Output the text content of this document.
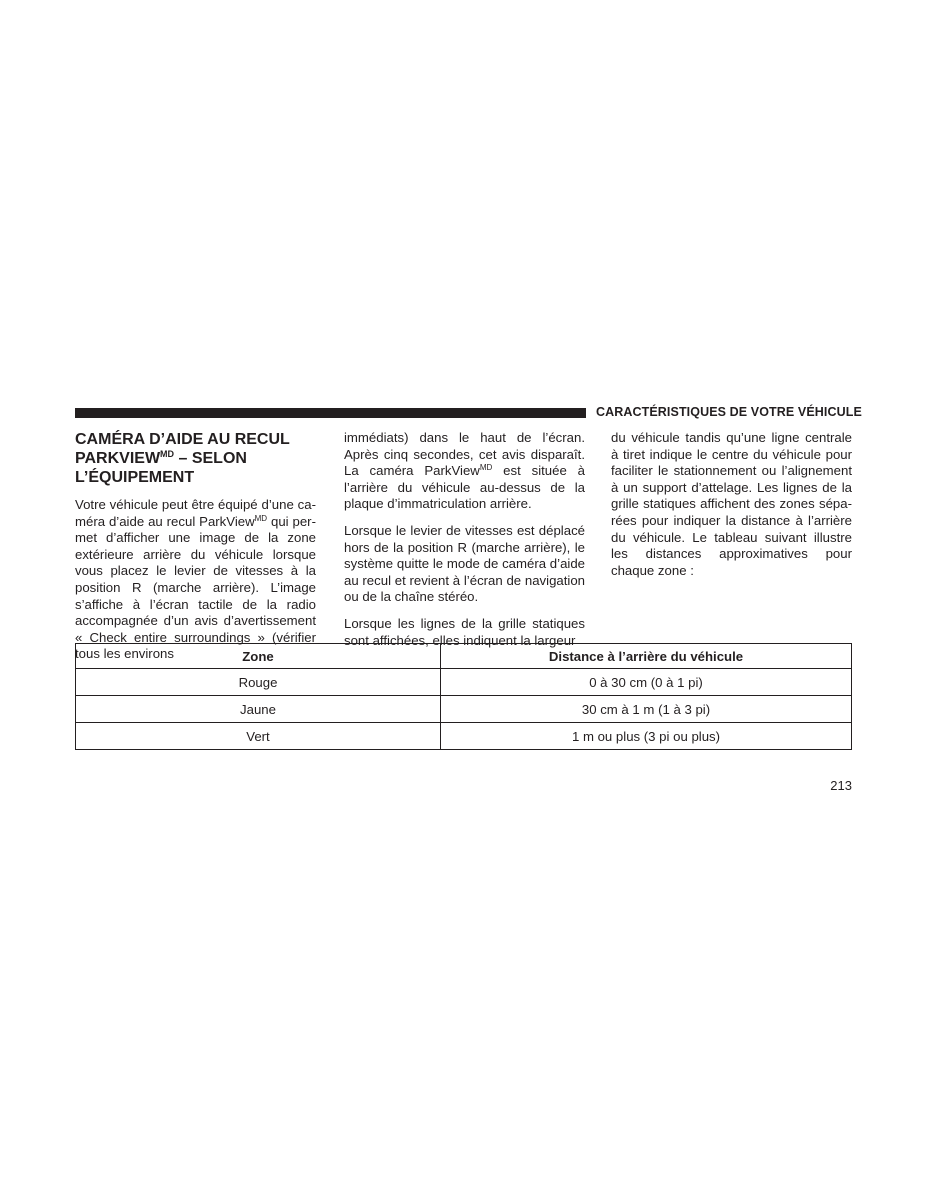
CARACTÉRISTIQUES DE VOTRE VÉHICULE
CAMÉRA D’AIDE AU RECUL
$PARKVIEW^{MD}$ – SELON
L’ÉQUIPEMENT

Votre véhicule peut être équipé d’une caméra d’aide au recul ParkView$^{MD}$ qui permet d’afficher une image de la zone extérieure arrière du véhicule lorsque vous placez le levier de vitesses à la position R (marche arrière). L’image s’affiche à l’écran tactile de la radio accompagnée d’un avis d’avertissement « Check entire surroundings » (vérifier tous les environs

immédiats) dans le haut de l’écran. Après cinq secondes, cet avis disparaît. La caméra ParkView$^{MD}$ est située à l’arrière du véhicule au-dessus de la plaque d’immatriculation arrière.

Lorsque le levier de vitesses est déplacé hors de la position R (marche arrière), le système quitte le mode de caméra d’aide au recul et revient à l’écran de navigation ou de la chaîne stéréo.

Lorsque les lignes de la grille statiques sont affichées, elles indiquent la largeur

du véhicule tandis qu’une ligne centrale à tiret indique le centre du véhicule pour faciliter le stationnement ou l’alignement à un support d’attelage. Les lignes de la grille statiques affichent des zones séparées pour indiquer la distance à l’arrière du véhicule. Le tableau suivant illustre les distances approximatives pour chaque zone :

Zone	Distance à l’arrière du véhicule
Rouge	0 à 30 cm (0 à 1 pi)
Jaune	30 cm à 1 m (1 à 3 pi)
Vert	1 m ou plus (3 pi ou plus)
213
